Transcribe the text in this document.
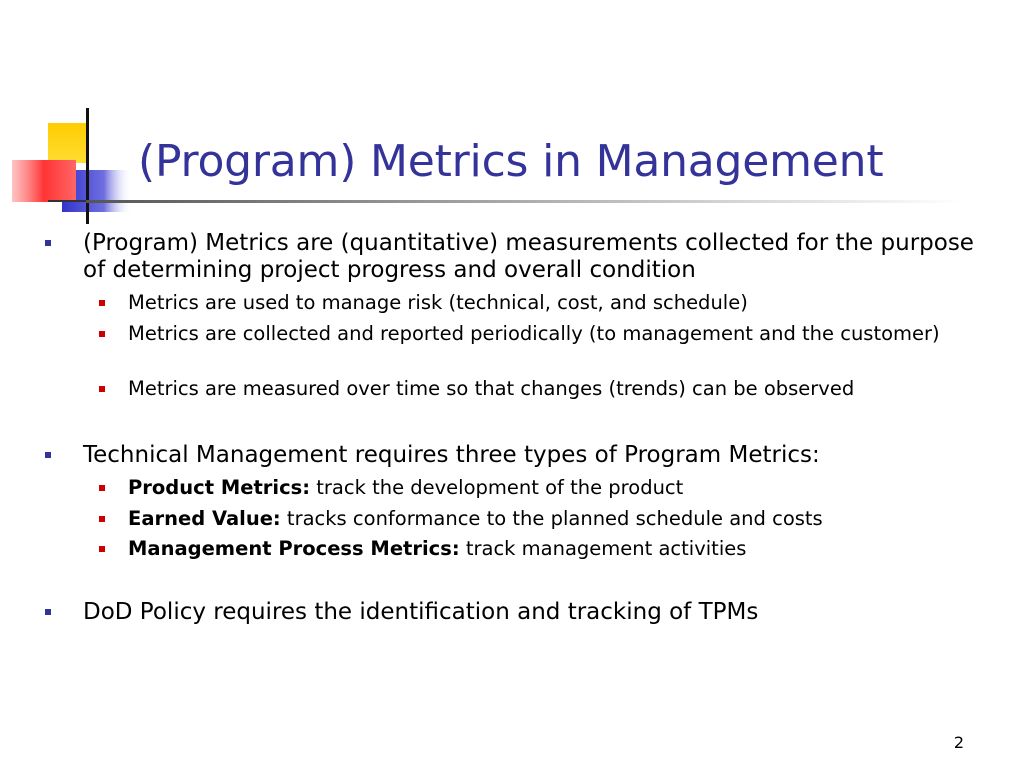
(Program) Metrics in Management
(Program) Metrics are (quantitative) measurements collected for the purpose of determining project progress and overall condition
Metrics are used to manage risk (technical, cost, and schedule)
Metrics are collected and reported periodically (to management and the customer)
Metrics are measured over time so that changes (trends) can be observed
Technical Management requires three types of Program Metrics:
Product Metrics: track the development of the product
Earned Value: tracks conformance to the planned schedule and costs
Management Process Metrics: track management activities
DoD Policy requires the identification and tracking of TPMs
2
